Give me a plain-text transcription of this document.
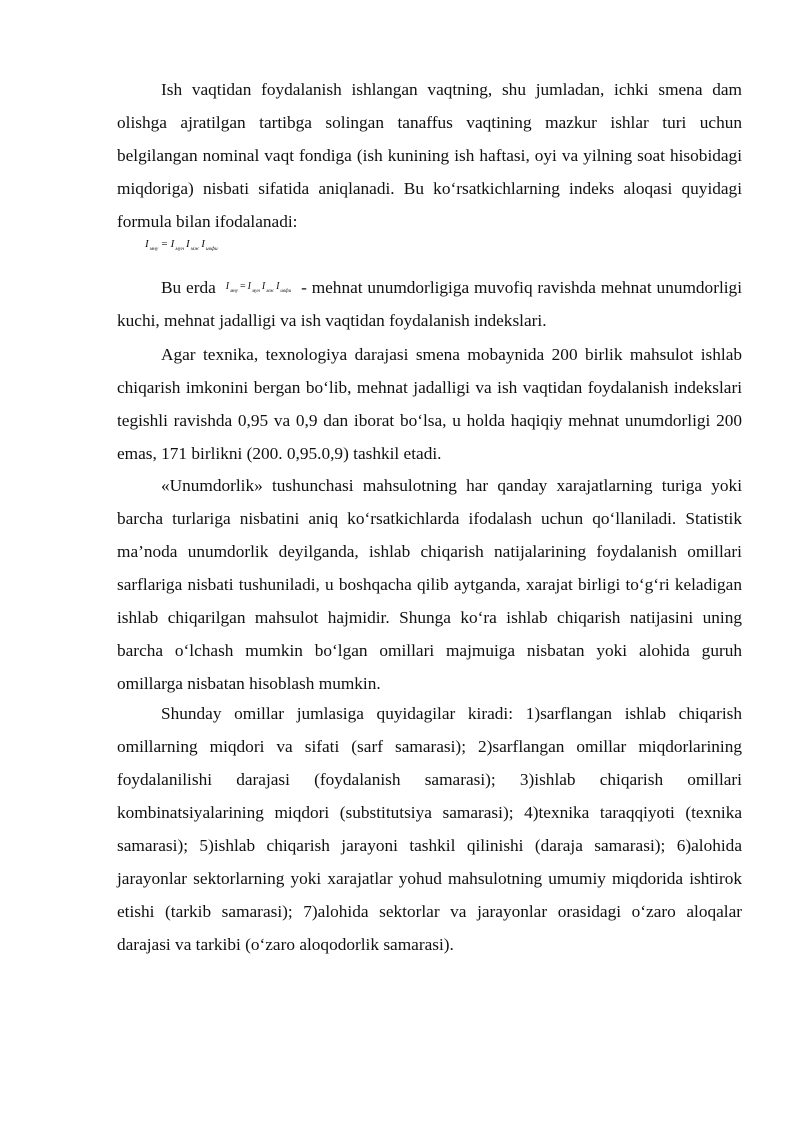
Ish vaqtidan foydalanish ishlangan vaqtning, shu jumladan, ichki smena dam olishga ajratilgan tartibga solingan tanaffus vaqtining mazkur ishlar turi uchun belgilangan nominal vaqt fondiga (ish kunining ish haftasi, oyi va yilning soat hisobidagi miqdoriga) nisbati sifatida aniqlanadi. Bu ko‘rsatkichlarning indeks aloqasi quyidagi formula bilan ifodalanadi:

$I_{мну} = I_{мун}$ $I_{мж}$ $I_{ивфи}$

Bu erda $I_{мну} = I_{мун}$ $I_{мж}$ $I_{ивфи}$ - mehnat unumdorligiga muvofiq ravishda mehnat unumdorligi kuchi, mehnat jadalligi va ish vaqtidan foydalanish indekslari.

Agar texnika, texnologiya darajasi smena mobaynida 200 birlik mahsulot ishlab chiqarish imkonini bergan bo‘lib, mehnat jadalligi va ish vaqtidan foydalanish indekslari tegishli ravishda 0,95 va 0,9 dan iborat bo‘lsa, u holda haqiqiy mehnat unumdorligi 200 emas, 171 birlikni (200. 0,95.0,9) tashkil etadi.

«Unumdorlik» tushunchasi mahsulotning har qanday xarajatlarning turiga yoki barcha turlariga nisbatini aniq ko‘rsatkichlarda ifodalash uchun qo‘llaniladi. Statistik ma’noda unumdorlik deyilganda, ishlab chiqarish natijalarining foydalanish omillari sarflariga nisbati tushuniladi, u boshqacha qilib aytganda, xarajat birligi to‘g‘ri keladigan ishlab chiqarilgan mahsulot hajmidir. Shunga ko‘ra ishlab chiqarish natijasini uning barcha o‘lchash mumkin bo‘lgan omillari majmuiga nisbatan yoki alohida guruh omillarga nisbatan hisoblash mumkin.

Shunday omillar jumlasiga quyidagilar kiradi: 1)sarflangan ishlab chiqarish omillarning miqdori va sifati (sarf samarasi); 2)sarflangan omillar miqdorlarining foydalanilishi darajasi (foydalanish samarasi); 3)ishlab chiqarish omillari kombinatsiyalarining miqdori (substitutsiya samarasi); 4)texnika taraqqiyoti (texnika samarasi); 5)ishlab chiqarish jarayoni tashkil qilinishi (daraja samarasi); 6)alohida jarayonlar sektorlarning yoki xarajatlar yohud mahsulotning umumiy miqdorida ishtirok etishi (tarkib samarasi); 7)alohida sektorlar va jarayonlar orasidagi o‘zaro aloqalar darajasi va tarkibi (o‘zaro aloqodorlik samarasi).
